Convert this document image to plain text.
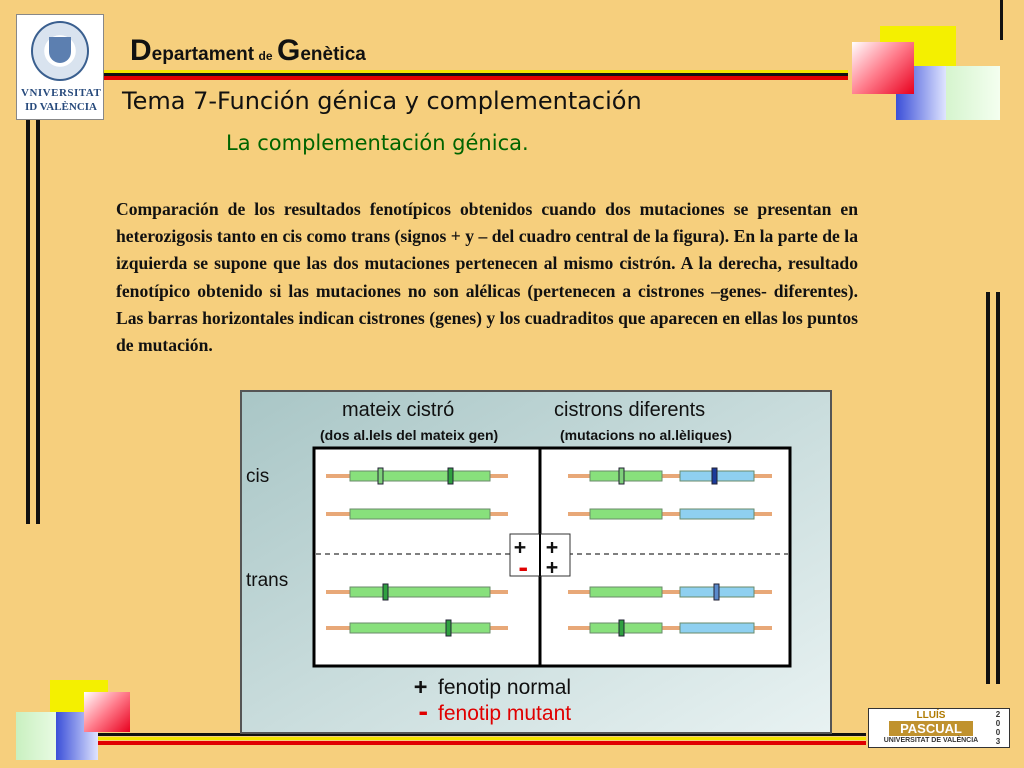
VNIVERSITAT
ID VALÈNCIA
Departament de Genètica
Tema 7-Función génica y complementación
La complementación génica.
Comparación de los resultados fenotípicos obtenidos cuando dos mutaciones se presentan en heterozigosis tanto en cis como trans (signos + y – del cuadro central de la figura). En la parte de la izquierda se supone que las dos mutaciones pertenecen al mismo cistrón. A la derecha, resultado fenotípico obtenido si las mutaciones no son alélicas (pertenecen a cistrones –genes- diferentes). Las barras horizontales indican cistrones (genes) y los cuadraditos que aparecen en ellas los puntos de mutación.
mateix cistró
(dos al.lels del mateix gen)
cistrons diferents
(mutacions no al.lèliques)
cis
trans
+ +
- +
+ fenotip normal
- fenotip mutant	LLUÍS
PASCUAL
UNIVERSITAT DE VALÈNCIA
2
0
0
3
